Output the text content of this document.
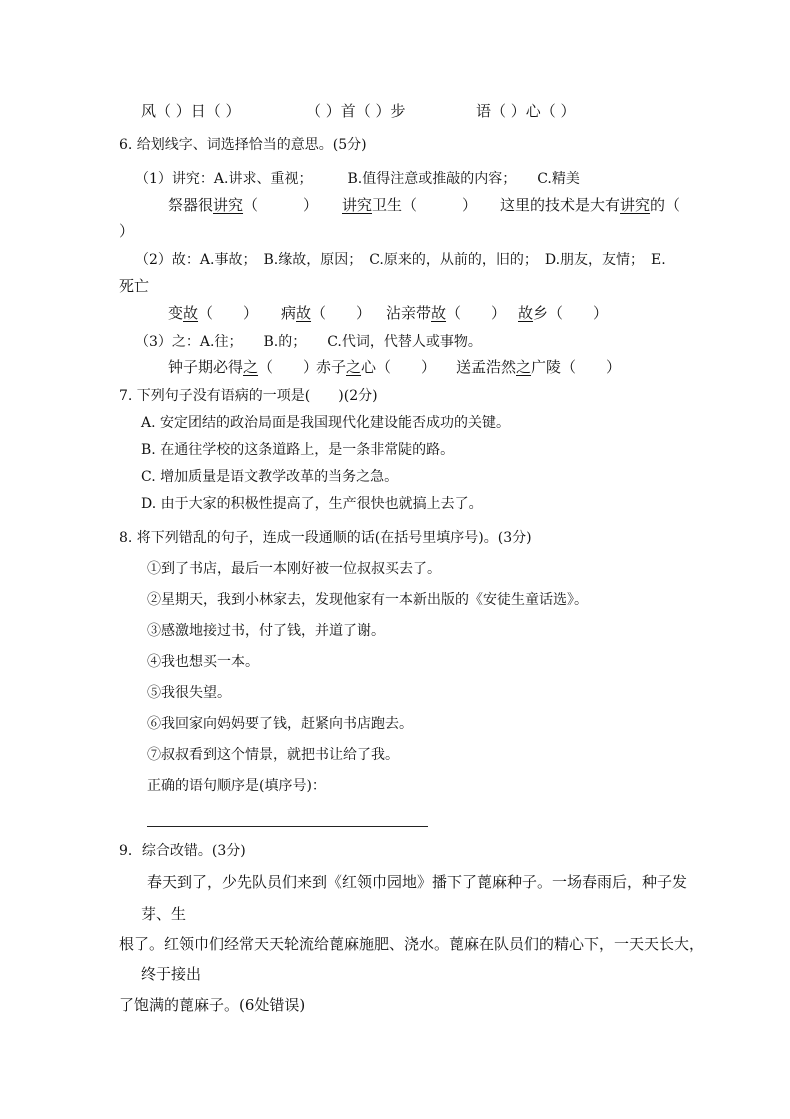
风（ ）日（ ）	（ ）首（ ）步	语（ ）心（ ）
6. 给划线字、词选择恰当的意思。(5分)
（1）讲究：A.讲求、重视；　　　B.值得注意或推敲的内容；　　C.精美
祭器很讲究（　　　） 讲究卫生（　　　） 这里的技术是大有讲究的（
）
（2）故：A.事故；　B.缘故，原因；　C.原来的，从前的，旧的；　D.朋友，友情；　E.
死亡
变故（　　） 病故（　　） 沾亲带故（　　） 故乡（　　）
（3）之：A.往；　　B.的；　　C.代词，代替人或事物。
钟子期必得之（　　）
赤子之心（　　） 送孟浩然之广陵（　　）
7. 下列句子没有语病的一项是(　　)(2分)
A. 安定团结的政治局面是我国现代化建设能否成功的关键。
B. 在通往学校的这条道路上，是一条非常陡的路。
C. 增加质量是语文教学改革的当务之急。
D. 由于大家的积极性提高了，生产很快也就搞上去了。
8. 将下列错乱的句子，连成一段通顺的话(在括号里填序号)。(3分)
①到了书店，最后一本刚好被一位叔叔买去了。
②星期天，我到小林家去，发现他家有一本新出版的《安徒生童话选》。
③感激地接过书，付了钱，并道了谢。
④我也想买一本。
⑤我很失望。
⑥我回家向妈妈要了钱，赶紧向书店跑去。
⑦叔叔看到这个情景，就把书让给了我。
正确的语句顺序是(填序号)：
9．综合改错。(3分)
春天到了，少先队员们来到《红领巾园地》播下了蓖麻种子。一场春雨后，种子发
芽、生
根了。红领巾们经常天天轮流给蓖麻施肥、浇水。蓖麻在队员们的精心下，一天天长大，
终于接出
了饱满的蓖麻子。(6处错误)
